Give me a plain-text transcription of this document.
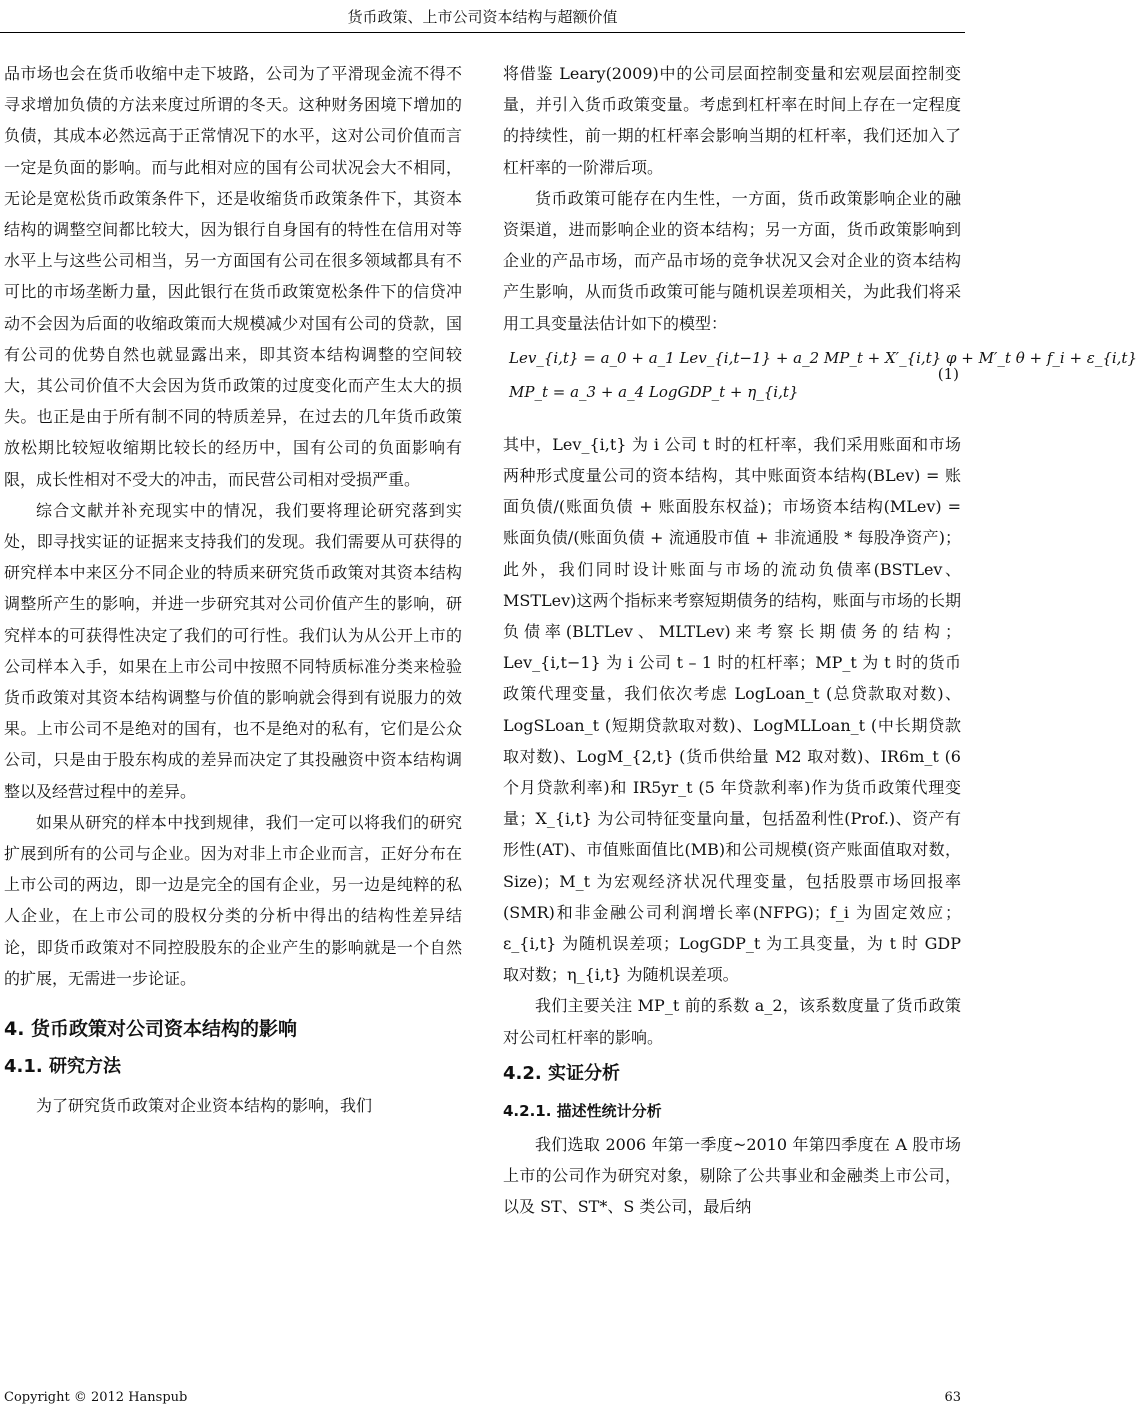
货币政策、上市公司资本结构与超额价值

品市场也会在货币收缩中走下坡路，公司为了平滑现金流不得不寻求增加负债的方法来度过所谓的冬天。这种财务困境下增加的负债，其成本必然远高于正常情况下的水平，这对公司价值而言一定是负面的影响。而与此相对应的国有公司状况会大不相同，无论是宽松货币政策条件下，还是收缩货币政策条件下，其资本结构的调整空间都比较大，因为银行自身国有的特性在信用对等水平上与这些公司相当，另一方面国有公司在很多领域都具有不可比的市场垄断力量，因此银行在货币政策宽松条件下的信贷冲动不会因为后面的收缩政策而大规模减少对国有公司的贷款，国有公司的优势自然也就显露出来，即其资本结构调整的空间较大，其公司价值不大会因为货币政策的过度变化而产生太大的损失。也正是由于所有制不同的特质差异，在过去的几年货币政策放松期比较短收缩期比较长的经历中，国有公司的负面影响有限，成长性相对不受大的冲击，而民营公司相对受损严重。

综合文献并补充现实中的情况，我们要将理论研究落到实处，即寻找实证的证据来支持我们的发现。我们需要从可获得的研究样本中来区分不同企业的特质来研究货币政策对其资本结构调整所产生的影响，并进一步研究其对公司价值产生的影响，研究样本的可获得性决定了我们的可行性。我们认为从公开上市的公司样本入手，如果在上市公司中按照不同特质标准分类来检验货币政策对其资本结构调整与价值的影响就会得到有说服力的效果。上市公司不是绝对的国有，也不是绝对的私有，它们是公众公司，只是由于股东构成的差异而决定了其投融资中资本结构调整以及经营过程中的差异。

如果从研究的样本中找到规律，我们一定可以将我们的研究扩展到所有的公司与企业。因为对非上市企业而言，正好分布在上市公司的两边，即一边是完全的国有企业，另一边是纯粹的私人企业，在上市公司的股权分类的分析中得出的结构性差异结论，即货币政策对不同控股股东的企业产生的影响就是一个自然的扩展，无需进一步论证。

4. 货币政策对公司资本结构的影响
4.1. 研究方法

为了研究货币政策对企业资本结构的影响，我们

将借鉴 Leary(2009)中的公司层面控制变量和宏观层面控制变量，并引入货币政策变量。考虑到杠杆率在时间上存在一定程度的持续性，前一期的杠杆率会影响当期的杠杆率，我们还加入了杠杆率的一阶滞后项。

货币政策可能存在内生性，一方面，货币政策影响企业的融资渠道，进而影响企业的资本结构；另一方面，货币政策影响到企业的产品市场，而产品市场的竞争状况又会对企业的资本结构产生影响，从而货币政策可能与随机误差项相关，为此我们将采用工具变量法估计如下的模型：

Lev_{i,t} = a_0 + a_1 Lev_{i,t−1} + a_2 MP_t + X′_{i,t} φ + M′_t θ + f_i + ε_{i,t}
MP_t = a_3 + a_4 LogGDP_t + η_{i,t}
(1)

其中，Lev_{i,t} 为 i 公司 t 时的杠杆率，我们采用账面和市场两种形式度量公司的资本结构，其中账面资本结构(BLev) = 账面负债/(账面负债 + 账面股东权益)；市场资本结构(MLev) = 账面负债/(账面负债 + 流通股市值 + 非流通股 * 每股净资产)；此外，我们同时设计账面与市场的流动负债率(BSTLev、MSTLev)这两个指标来考察短期债务的结构，账面与市场的长期负债率(BLTLev、MLTLev)来考察长期债务的结构；Lev_{i,t−1} 为 i 公司 t – 1 时的杠杆率；MP_t 为 t 时的货币政策代理变量，我们依次考虑 LogLoan_t (总贷款取对数)、LogSLoan_t (短期贷款取对数)、LogMLLoan_t (中长期贷款取对数)、LogM_{2,t} (货币供给量 M2 取对数)、IR6m_t (6 个月贷款利率)和 IR5yr_t (5 年贷款利率)作为货币政策代理变量；X_{i,t} 为公司特征变量向量，包括盈利性(Prof.)、资产有形性(AT)、市值账面值比(MB)和公司规模(资产账面值取对数，Size)；M_t 为宏观经济状况代理变量，包括股票市场回报率(SMR)和非金融公司利润增长率(NFPG)；f_i 为固定效应；ε_{i,t} 为随机误差项；LogGDP_t 为工具变量，为 t 时 GDP 取对数；η_{i,t} 为随机误差项。

我们主要关注 MP_t 前的系数 a_2，该系数度量了货币政策对公司杠杆率的影响。

4.2. 实证分析
4.2.1. 描述性统计分析

我们选取 2006 年第一季度~2010 年第四季度在 A 股市场上市的公司作为研究对象，剔除了公共事业和金融类上市公司，以及 ST、ST*、S 类公司，最后纳

Copyright © 2012 Hanspub	63
